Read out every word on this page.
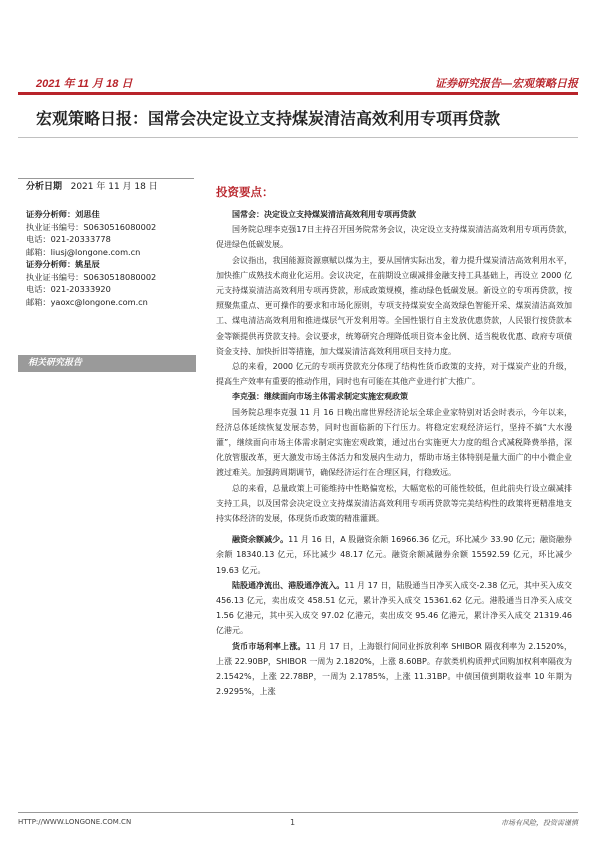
2021 年 11 月 18 日	证券研究报告—宏观策略日报
宏观策略日报：国常会决定设立支持煤炭清洁高效利用专项再贷款
分析日期 2021 年 11 月 18 日
证券分析师：刘思佳
执业证书编号：S0630516080002
电话：021-20333778
邮箱：liusj@longone.com.cn
证券分析师：姚星辰
执业证书编号：S0630518080002
电话：021-20333920
邮箱：yaoxc@longone.com.cn
相关研究报告
投资要点：

国常会：决定设立支持煤炭清洁高效利用专项再贷款

国务院总理李克强17日主持召开国务院常务会议，决定设立支持煤炭清洁高效利用专项再贷款，促进绿色低碳发展。

会议指出，我国能源资源禀赋以煤为主，要从国情实际出发，着力提升煤炭清洁高效利用水平，加快推广成熟技术商业化运用。会议决定，在前期设立碳减排金融支持工具基础上，再设立 2000 亿元支持煤炭清洁高效利用专项再贷款，形成政策规模，推动绿色低碳发展。新设立的专项再贷款，按照聚焦重点、更可操作的要求和市场化原则，专项支持煤炭安全高效绿色智能开采、煤炭清洁高效加工、煤电清洁高效利用和推进煤层气开发利用等。全国性银行自主发放优惠贷款，人民银行按贷款本金等额提供再贷款支持。会议要求，统筹研究合理降低项目资本金比例、适当税收优惠、政府专项债资金支持、加快折旧等措施，加大煤炭清洁高效利用项目支持力度。

总的来看，2000 亿元的专项再贷款充分体现了结构性货币政策的支持，对于煤炭产业的升级，提高生产效率有重要的推动作用，同时也有可能在其他产业进行扩大推广。

李克强：继续面向市场主体需求制定实施宏观政策

国务院总理李克强 11 月 16 日晚出席世界经济论坛全球企业家特别对话会时表示，今年以来，经济总体延续恢复发展态势，同时也面临新的下行压力。将稳定宏观经济运行，坚持不搞“大水漫灌”，继续面向市场主体需求制定实施宏观政策，通过出台实施更大力度的组合式减税降费举措，深化放管服改革，更大激发市场主体活力和发展内生动力，帮助市场主体特别是量大面广的中小微企业渡过难关。加强跨周期调节，确保经济运行在合理区间，行稳致远。

总的来看，总量政策上可能维持中性略偏宽松，大幅宽松的可能性较低，但此前央行设立碳减排支持工具，以及国常会决定设立支持煤炭清洁高效利用专项再贷款等完美结构性的政策将更精准地支持实体经济的发展，体现货币政策的精准灌溉。

融资余额减少。11 月 16 日，A 股融资余额 16966.36 亿元，环比减少 33.90 亿元；融资融券余额 18340.13 亿元，环比减少 48.17 亿元。融资余额减融券余额 15592.59 亿元，环比减少 19.63 亿元。

陆股通净流出、港股通净流入。11 月 17 日，陆股通当日净买入成交-2.38 亿元，其中买入成交 456.13 亿元，卖出成交 458.51 亿元，累计净买入成交 15361.62 亿元。港股通当日净买入成交 1.56 亿港元，其中买入成交 97.02 亿港元，卖出成交 95.46 亿港元，累计净买入成交 21319.46 亿港元。

货币市场利率上涨。11 月 17 日，上海银行间同业拆放利率 SHIBOR 隔夜利率为 2.1520%，上涨 22.90BP，SHIBOR 一周为 2.1820%，上涨 8.60BP。存款类机构质押式回购加权利率隔夜为 2.1542%，上涨 22.78BP，一周为 2.1785%，上涨 11.31BP。中债国债到期收益率 10 年期为 2.9295%，上涨

HTTP://WWW.LONGONE.COM.CN	1	市场有风险，投资需谨慎
